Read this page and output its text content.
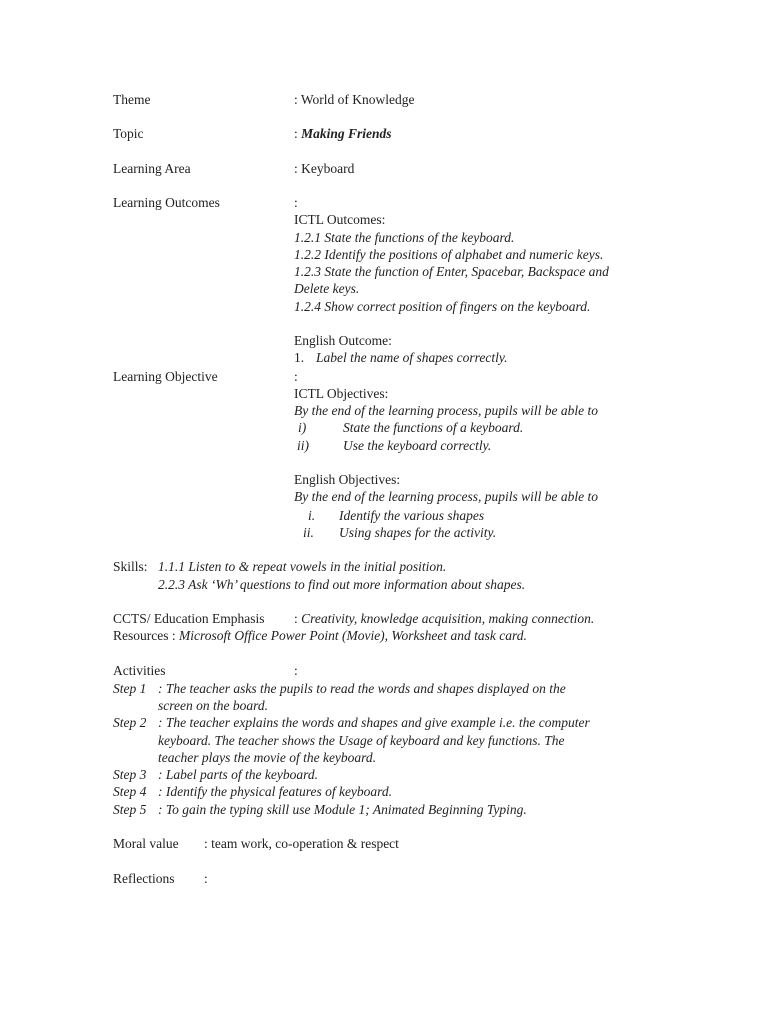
Theme	: World of Knowledge
Topic	: Making Friends
Learning Area	: Keyboard
Learning Outcomes	:
ICTL Outcomes:
1.2.1 State the functions of the keyboard.
1.2.2 Identify the positions of alphabet and numeric keys.
1.2.3 State the function of Enter, Spacebar, Backspace and
Delete keys.
1.2.4 Show correct position of fingers on the keyboard.
English Outcome:
1. Label the name of shapes correctly.
Learning Objective	:
ICTL Objectives:
By the end of the learning process, pupils will be able to
i)	State the functions of a keyboard.
ii)	Use the keyboard correctly.
English Objectives:
By the end of the learning process, pupils will be able to
i. Identify the various shapes
ii. Using shapes for the activity.
Skills: 1.1.1 Listen to & repeat vowels in the initial position.
2.2.3 Ask ‘Wh’ questions to find out more information about shapes.
CCTS/ Education Emphasis : Creativity, knowledge acquisition, making connection.
Resources : Microsoft Office Power Point (Movie), Worksheet and task card.
Activities	:
Step 1 : The teacher asks the pupils to read the words and shapes displayed on the
screen on the board.
Step 2 : The teacher explains the words and shapes and give example i.e. the computer
keyboard. The teacher shows the Usage of keyboard and key functions. The
teacher plays the movie of the keyboard.
Step 3 : Label parts of the keyboard.
Step 4 : Identify the physical features of keyboard.
Step 5 : To gain the typing skill use Module 1; Animated Beginning Typing.
Moral value : team work, co-operation & respect
Reflections :
